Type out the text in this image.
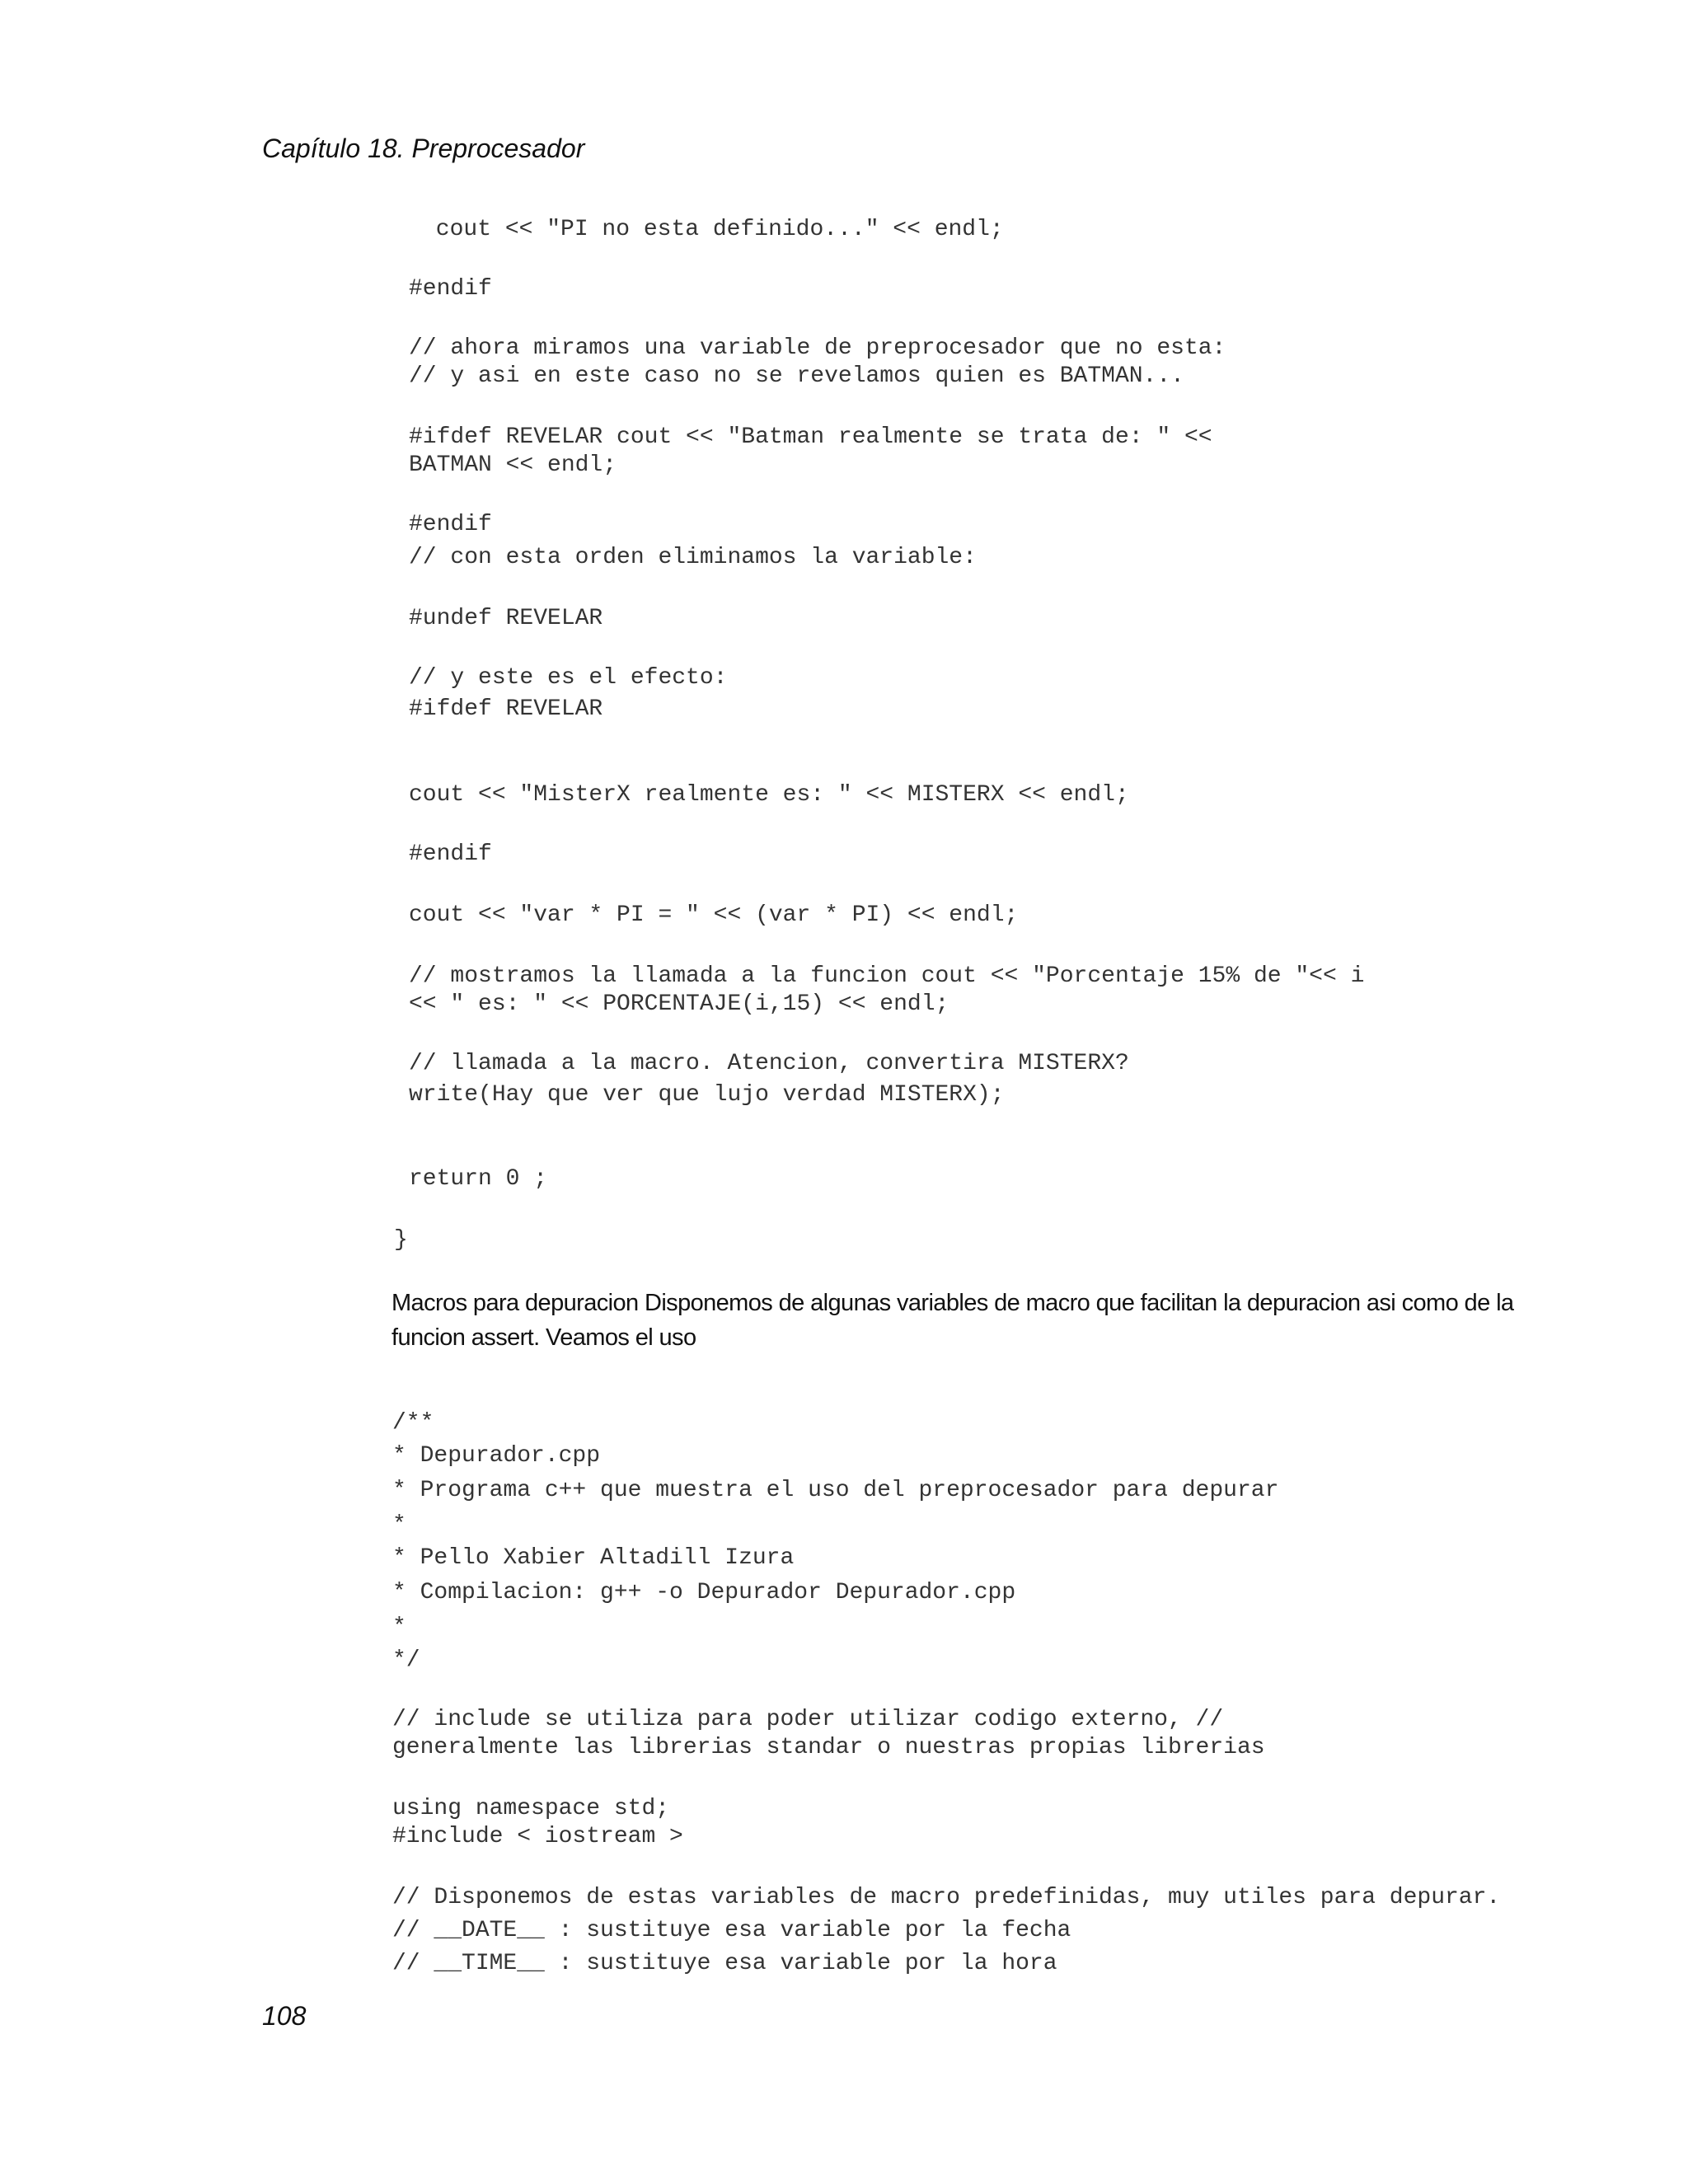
Capítulo 18. Preprocesador

cout << "PI no esta definido..." << endl;
#endif
// ahora miramos una variable de preprocesador que no esta:
// y asi en este caso no se revelamos quien es BATMAN...
#ifdef REVELAR cout << "Batman realmente se trata de: " <<
BATMAN << endl;
#endif
// con esta orden eliminamos la variable:
#undef REVELAR
// y este es el efecto:
#ifdef REVELAR
cout << "MisterX realmente es: " << MISTERX << endl;
#endif
cout << "var * PI = " << (var * PI) << endl;
// mostramos la llamada a la funcion cout << "Porcentaje 15% de "<< i
<< " es: " << PORCENTAJE(i,15) << endl;
// llamada a la macro. Atencion, convertira MISTERX?
write(Hay que ver que lujo verdad MISTERX);
return 0 ;
}

Macros para depuracion Disponemos de algunas variables de macro que facilitan la depuracion asi como de la funcion assert. Veamos el uso

/**
* Depurador.cpp
* Programa c++ que muestra el uso del preprocesador para depurar
*
* Pello Xabier Altadill Izura
* Compilacion: g++ -o Depurador Depurador.cpp
*
*/
// include se utiliza para poder utilizar codigo externo, //
generalmente las librerias standar o nuestras propias librerias
using namespace std;
#include < iostream >
// Disponemos de estas variables de macro predefinidas, muy utiles para depurar.
// __DATE__ : sustituye esa variable por la fecha
// __TIME__ : sustituye esa variable por la hora

108
